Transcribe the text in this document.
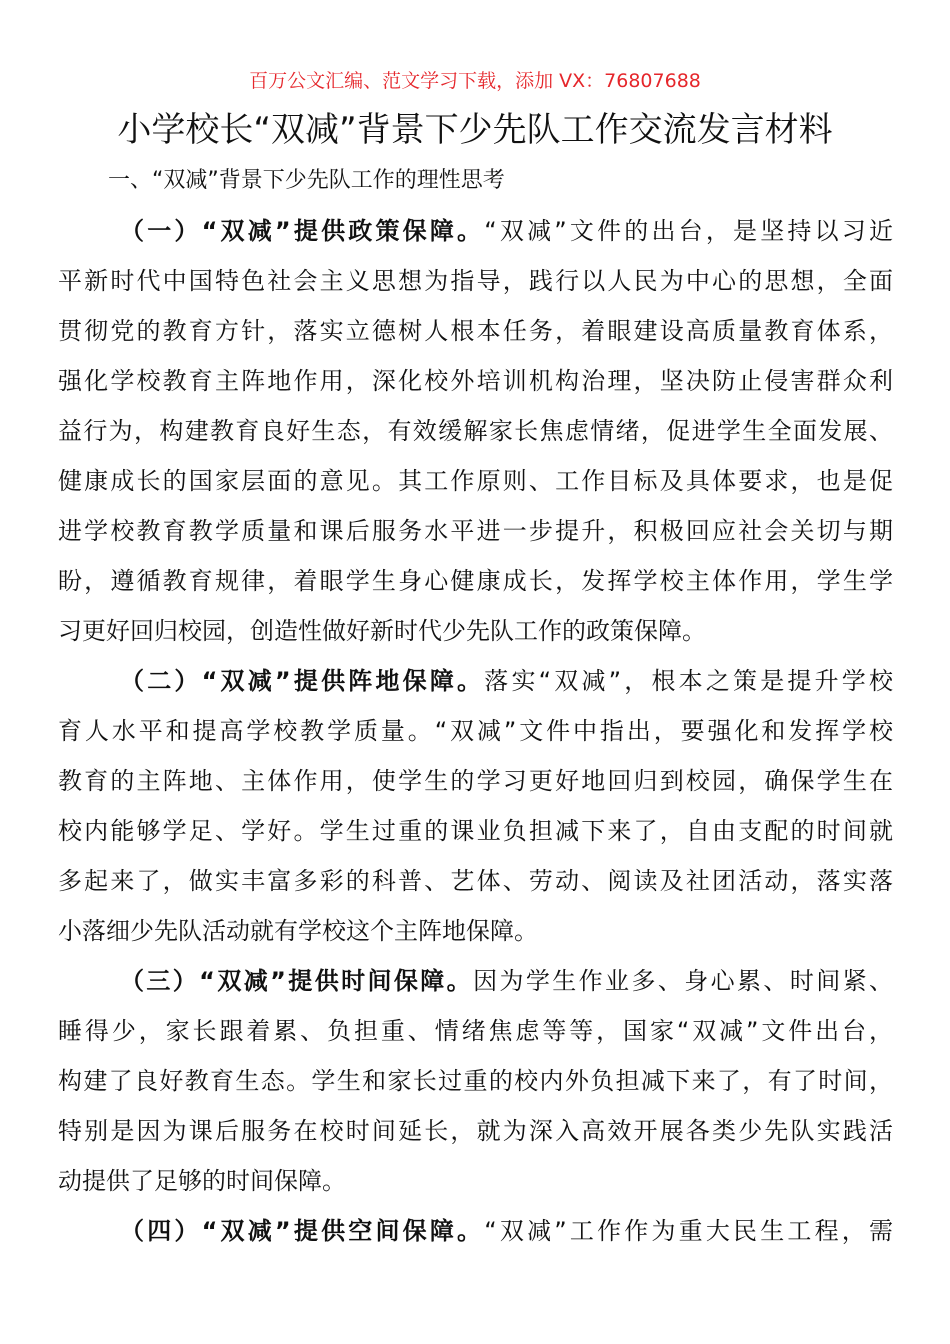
百万公文汇编、范文学习下载，添加 VX：76807688
小学校长“双减”背景下少先队工作交流发言材料
一、“双减”背景下少先队工作的理性思考
（一）“双减”提供政策保障。“双减”文件的出台，是坚持以习近
平新时代中国特色社会主义思想为指导，践行以人民为中心的思想，全面
贯彻党的教育方针，落实立德树人根本任务，着眼建设高质量教育体系，
强化学校教育主阵地作用，深化校外培训机构治理，坚决防止侵害群众利
益行为，构建教育良好生态，有效缓解家长焦虑情绪，促进学生全面发展、
健康成长的国家层面的意见。其工作原则、工作目标及具体要求，也是促
进学校教育教学质量和课后服务水平进一步提升，积极回应社会关切与期
盼，遵循教育规律，着眼学生身心健康成长，发挥学校主体作用，学生学
习更好回归校园，创造性做好新时代少先队工作的政策保障。
（二）“双减”提供阵地保障。落实“双减”，根本之策是提升学校
育人水平和提高学校教学质量。“双减”文件中指出，要强化和发挥学校
教育的主阵地、主体作用，使学生的学习更好地回归到校园，确保学生在
校内能够学足、学好。学生过重的课业负担减下来了，自由支配的时间就
多起来了，做实丰富多彩的科普、艺体、劳动、阅读及社团活动，落实落
小落细少先队活动就有学校这个主阵地保障。
（三）“双减”提供时间保障。因为学生作业多、身心累、时间紧、
睡得少，家长跟着累、负担重、情绪焦虑等等，国家“双减”文件出台，
构建了良好教育生态。学生和家长过重的校内外负担减下来了，有了时间，
特别是因为课后服务在校时间延长，就为深入高效开展各类少先队实践活
动提供了足够的时间保障。
（四）“双减”提供空间保障。“双减”工作作为重大民生工程，需
